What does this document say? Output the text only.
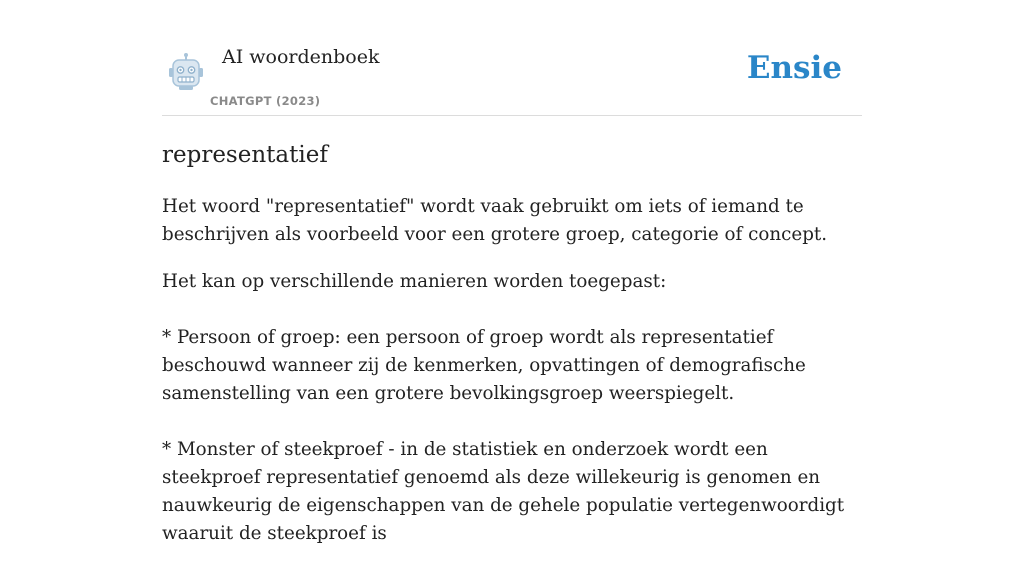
AI woordenboek
CHATGPT (2023)
Ensie
representatief

Het woord "representatief" wordt vaak gebruikt om iets of iemand te beschrijven als voorbeeld voor een grotere groep, categorie of concept.

Het kan op verschillende manieren worden toegepast:

* Persoon of groep: een persoon of groep wordt als representatief beschouwd wanneer zij de kenmerken, opvattingen of demografische samenstelling van een grotere bevolkingsgroep weerspiegelt.

* Monster of steekproef - in de statistiek en onderzoek wordt een steekproef representatief genoemd als deze willekeurig is genomen en nauwkeurig de eigenschappen van de gehele populatie vertegenwoordigt waaruit de steekproef is
